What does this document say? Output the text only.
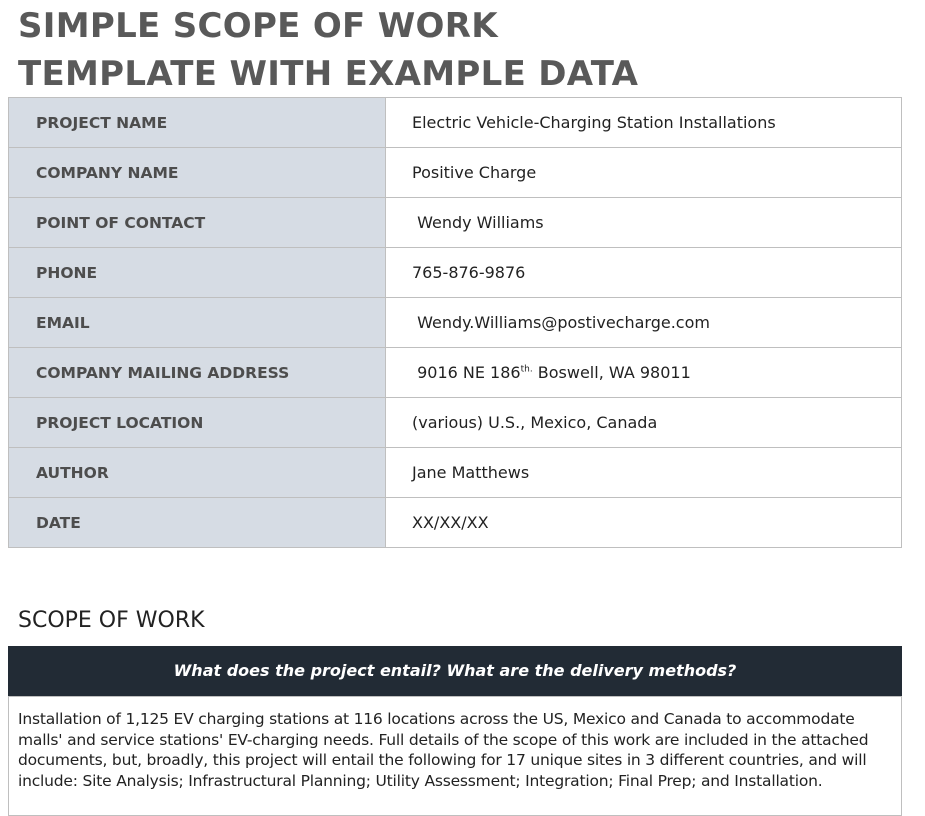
SIMPLE SCOPE OF WORK
TEMPLATE WITH EXAMPLE DATA
PROJECT NAME	Electric Vehicle-Charging Station Installations
COMPANY NAME	Positive Charge
POINT OF CONTACT	Wendy Williams
PHONE	765-876-9876
EMAIL	Wendy.Williams@postivecharge.com
COMPANY MAILING ADDRESS	9016 NE $186^{th.}$ Boswell, WA 98011
PROJECT LOCATION	(various) U.S., Mexico, Canada
AUTHOR	Jane Matthews
DATE	XX/XX/XX
SCOPE OF WORK
What does the project entail? What are the delivery methods?
Installation of 1,125 EV charging stations at 116 locations across the US, Mexico and Canada to accommodate malls' and service stations' EV-charging needs. Full details of the scope of this work are included in the attached documents, but, broadly, this project will entail the following for 17 unique sites in 3 different countries, and will include: Site Analysis; Infrastructural Planning; Utility Assessment; Integration; Final Prep; and Installation.
